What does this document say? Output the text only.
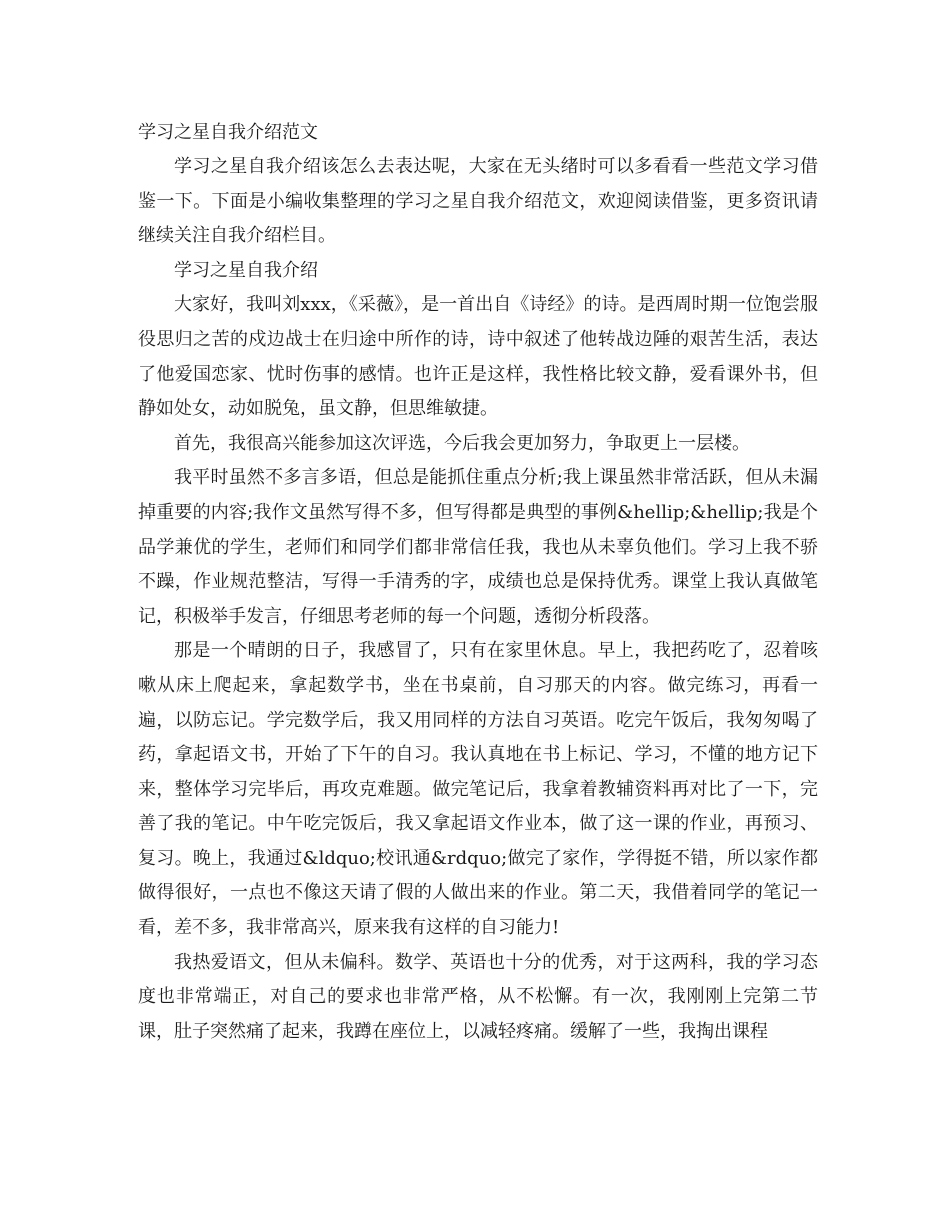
学习之星自我介绍范文

学习之星自我介绍该怎么去表达呢，大家在无头绪时可以多看看一些范文学习借鉴一下。下面是小编收集整理的学习之星自我介绍范文，欢迎阅读借鉴，更多资讯请继续关注自我介绍栏目。

学习之星自我介绍

大家好，我叫刘xxx，《采薇》，是一首出自《诗经》的诗。是西周时期一位饱尝服役思归之苦的戍边战士在归途中所作的诗，诗中叙述了他转战边陲的艰苦生活，表达了他爱国恋家、忧时伤事的感情。也许正是这样，我性格比较文静，爱看课外书，但静如处女，动如脱兔，虽文静，但思维敏捷。

首先，我很高兴能参加这次评选，今后我会更加努力，争取更上一层楼。

我平时虽然不多言多语，但总是能抓住重点分析;我上课虽然非常活跃，但从未漏掉重要的内容;我作文虽然写得不多，但写得都是典型的事例&hellip;&hellip;我是个品学兼优的学生，老师们和同学们都非常信任我，我也从未辜负他们。学习上我不骄不躁，作业规范整洁，写得一手清秀的字，成绩也总是保持优秀。课堂上我认真做笔记，积极举手发言，仔细思考老师的每一个问题，透彻分析段落。

那是一个晴朗的日子，我感冒了，只有在家里休息。早上，我把药吃了，忍着咳嗽从床上爬起来，拿起数学书，坐在书桌前，自习那天的内容。做完练习，再看一遍，以防忘记。学完数学后，我又用同样的方法自习英语。吃完午饭后，我匆匆喝了药，拿起语文书，开始了下午的自习。我认真地在书上标记、学习，不懂的地方记下来，整体学习完毕后，再攻克难题。做完笔记后，我拿着教辅资料再对比了一下，完善了我的笔记。中午吃完饭后，我又拿起语文作业本，做了这一课的作业，再预习、复习。晚上，我通过&ldquo;校讯通&rdquo;做完了家作，学得挺不错，所以家作都做得很好，一点也不像这天请了假的人做出来的作业。第二天，我借着同学的笔记一看，差不多，我非常高兴，原来我有这样的自习能力!

我热爱语文，但从未偏科。数学、英语也十分的优秀，对于这两科，我的学习态度也非常端正，对自己的要求也非常严格，从不松懈。有一次，我刚刚上完第二节课，肚子突然痛了起来，我蹲在座位上，以减轻疼痛。缓解了一些，我掏出课程
